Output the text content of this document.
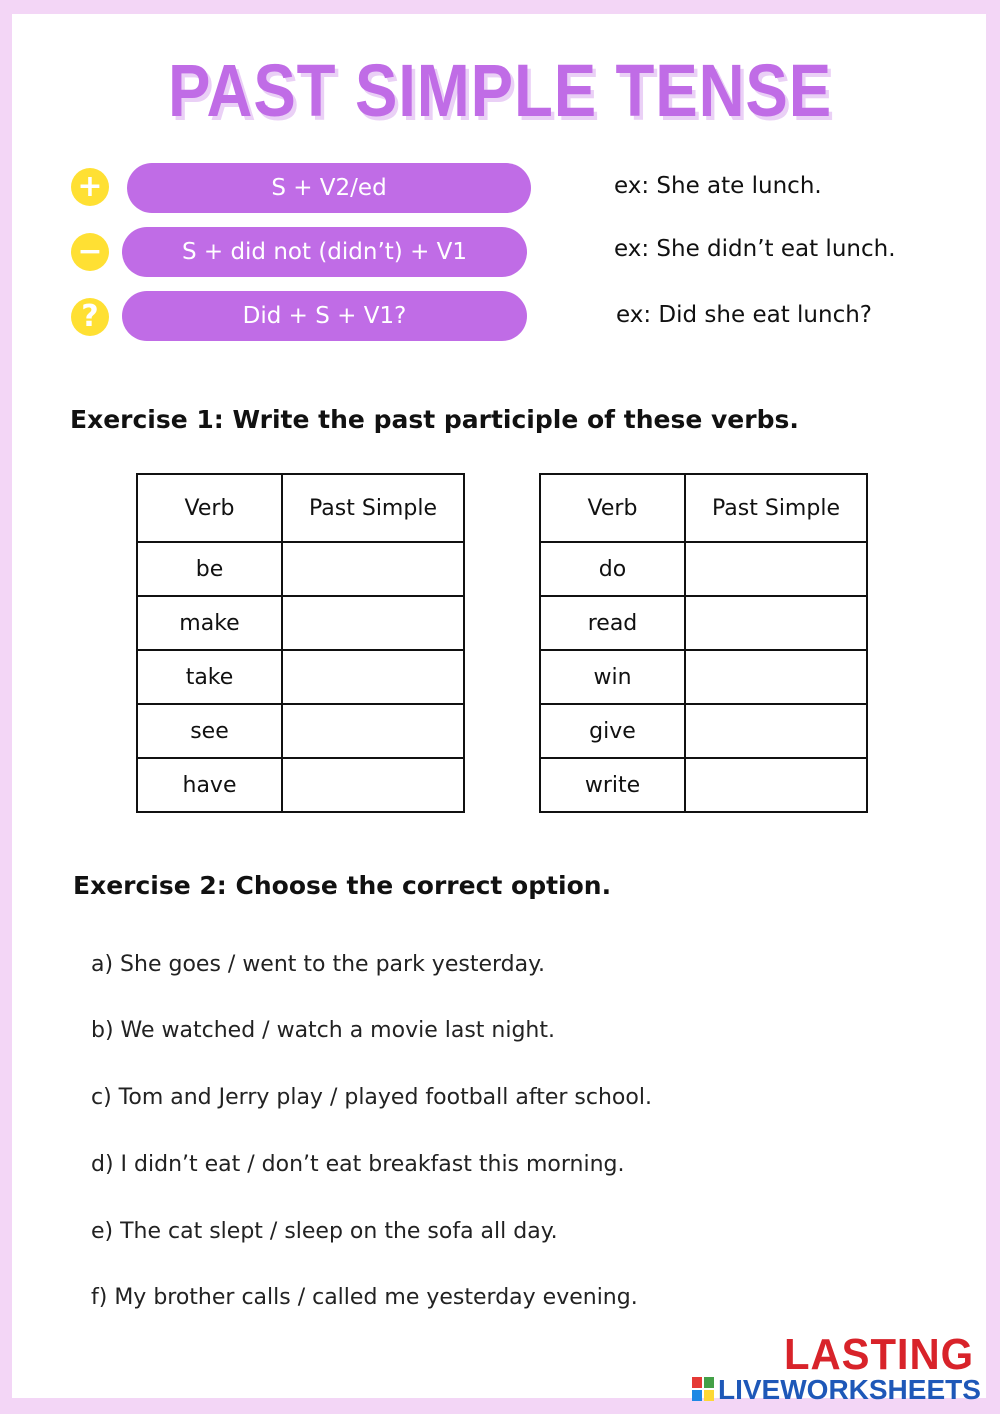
PAST SIMPLE TENSE
+	S + V2/ed	ex: She ate lunch.
−	S + did not (didn’t) + V1	ex: She didn’t eat lunch.
?	Did + S + V1?	ex: Did she eat lunch?
Exercise 1: Write the past participle of these verbs.
Verb	Past Simple
be	
make	
take	
see	
have	
Verb	Past Simple
do	
read	
win	
give	
write	
Exercise 2: Choose the correct option.
a) She goes / went to the park yesterday.
b) We watched / watch a movie last night.
c) Tom and Jerry play / played football after school.
d) I didn’t eat / don’t eat breakfast this morning.
e) The cat slept / sleep on the sofa all day.
f) My brother calls / called me yesterday evening.
LASTING
LIVEWORKSHEETS
